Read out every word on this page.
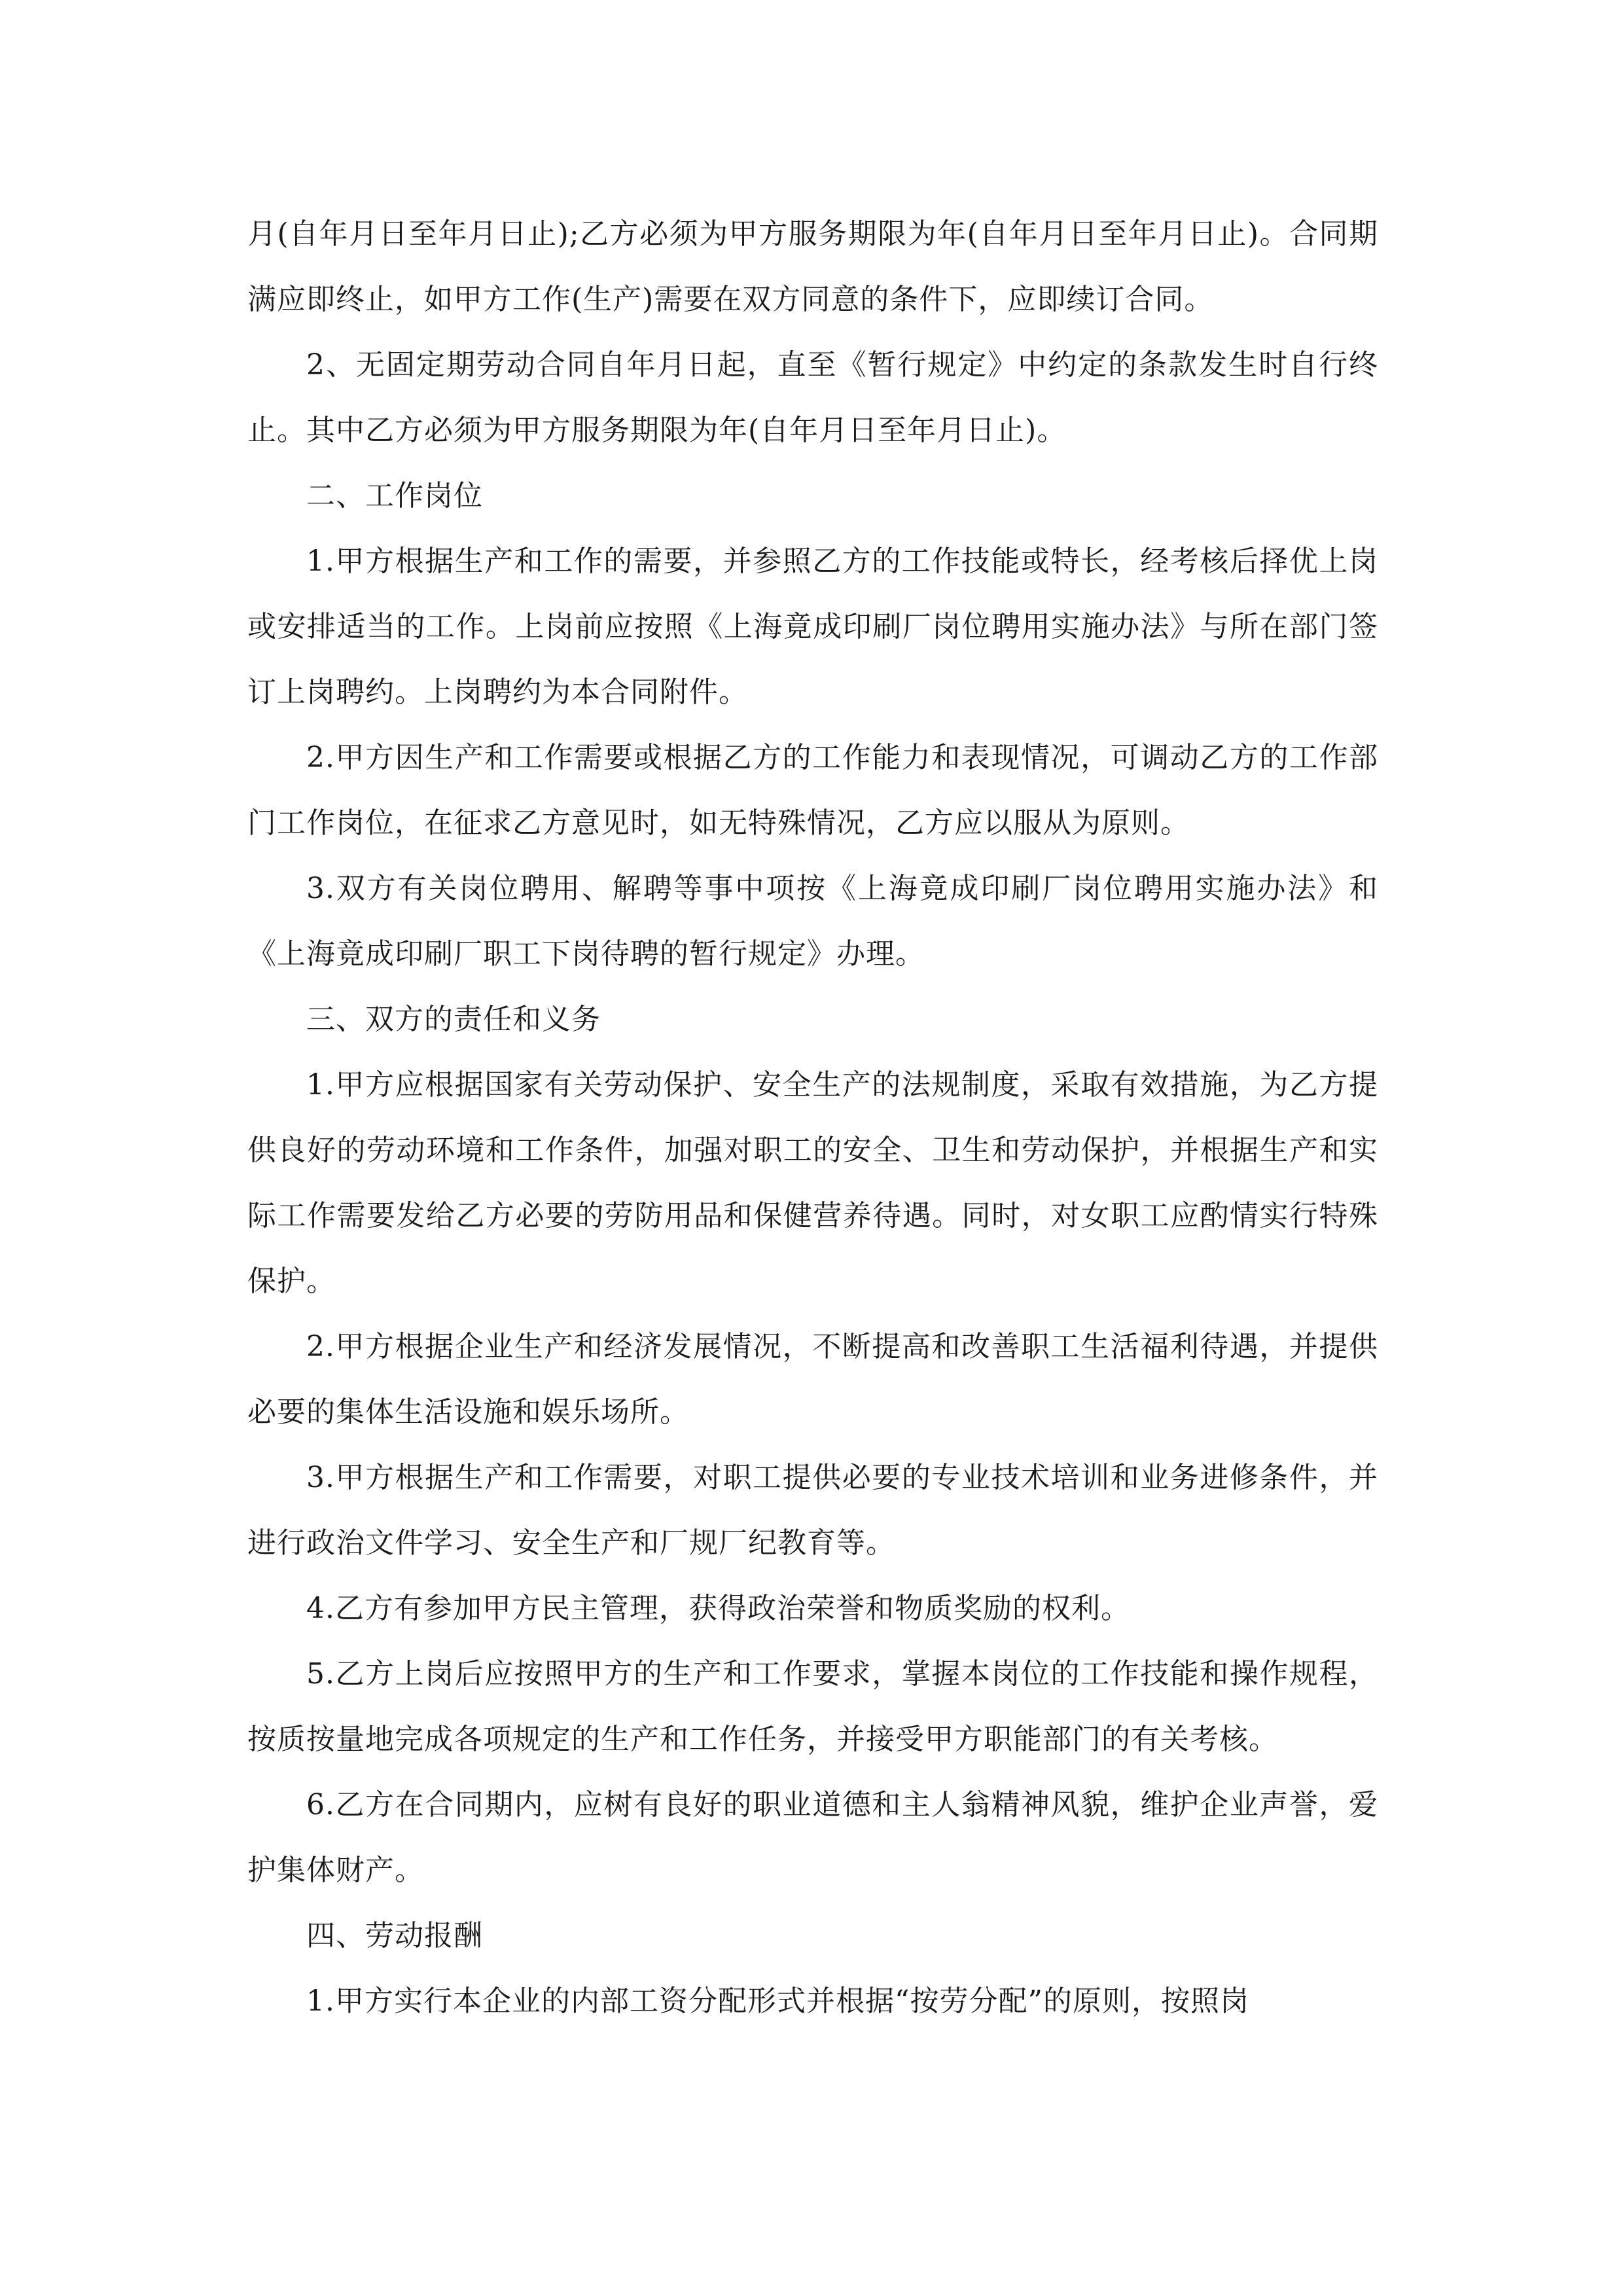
月(自年月日至年月日止);乙方必须为甲方服务期限为年(自年月日至年月日止)。合同期满应即终止，如甲方工作(生产)需要在双方同意的条件下，应即续订合同。

2、无固定期劳动合同自年月日起，直至《暂行规定》中约定的条款发生时自行终止。其中乙方必须为甲方服务期限为年(自年月日至年月日止)。

二、工作岗位

1.甲方根据生产和工作的需要，并参照乙方的工作技能或特长，经考核后择优上岗或安排适当的工作。上岗前应按照《上海竟成印刷厂岗位聘用实施办法》与所在部门签订上岗聘约。上岗聘约为本合同附件。

2.甲方因生产和工作需要或根据乙方的工作能力和表现情况，可调动乙方的工作部门工作岗位，在征求乙方意见时，如无特殊情况，乙方应以服从为原则。

3.双方有关岗位聘用、解聘等事中项按《上海竟成印刷厂岗位聘用实施办法》和《上海竟成印刷厂职工下岗待聘的暂行规定》办理。

三、双方的责任和义务

1.甲方应根据国家有关劳动保护、安全生产的法规制度，采取有效措施，为乙方提供良好的劳动环境和工作条件，加强对职工的安全、卫生和劳动保护，并根据生产和实际工作需要发给乙方必要的劳防用品和保健营养待遇。同时，对女职工应酌情实行特殊保护。

2.甲方根据企业生产和经济发展情况，不断提高和改善职工生活福利待遇，并提供必要的集体生活设施和娱乐场所。

3.甲方根据生产和工作需要，对职工提供必要的专业技术培训和业务进修条件，并进行政治文件学习、安全生产和厂规厂纪教育等。

4.乙方有参加甲方民主管理，获得政治荣誉和物质奖励的权利。

5.乙方上岗后应按照甲方的生产和工作要求，掌握本岗位的工作技能和操作规程，按质按量地完成各项规定的生产和工作任务，并接受甲方职能部门的有关考核。

6.乙方在合同期内，应树有良好的职业道德和主人翁精神风貌，维护企业声誉，爱护集体财产。

四、劳动报酬

1.甲方实行本企业的内部工资分配形式并根据“按劳分配”的原则，按照岗
